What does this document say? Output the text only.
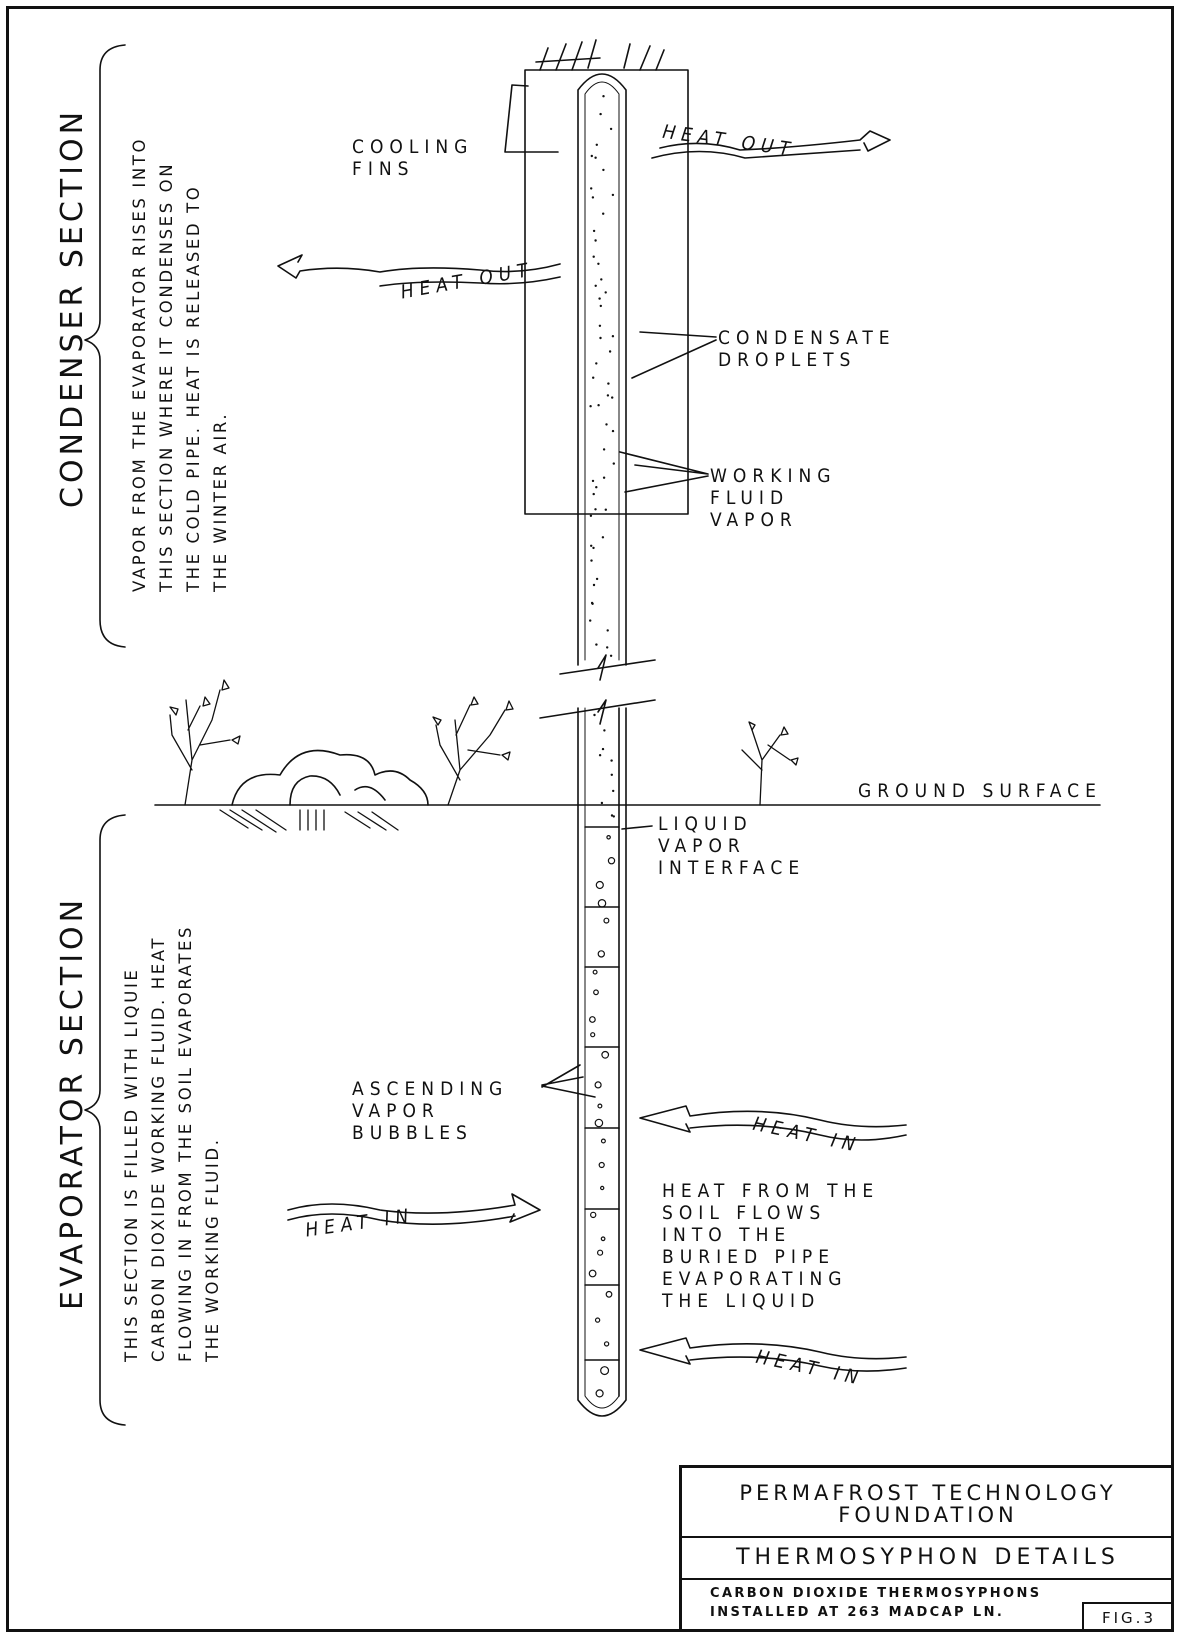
COOLING
FINS
HEAT OUT
HEAT OUT
CONDENSATE
DROPLETS
WORKING
FLUID
VAPOR
GROUND SURFACE
LIQUID
VAPOR
INTERFACE
ASCENDING
VAPOR
BUBBLES	HEAT IN
HEAT IN
HEAT IN
HEAT FROM THE
SOIL FLOWS
INTO THE
BURIED PIPE
EVAPORATING
THE LIQUID
CONDENSER SECTION VAPOR FROM THE EVAPORATOR RISES INTO THIS SECTION WHERE IT CONDENSES ON THE COLD PIPE. HEAT IS RELEASED TO THE WINTER AIR.
EVAPORATOR SECTION THIS SECTION IS FILLED WITH LIQUIE CARBON DIOXIDE WORKING FLUID. HEAT FLOWING IN FROM THE SOIL EVAPORATES THE WORKING FLUID.
PERMAFROST TECHNOLOGY
FOUNDATION
THERMOSYPHON DETAILS
CARBON DIOXIDE THERMOSYPHONS
INSTALLED AT 263 MADCAP LN.	FIG.3
